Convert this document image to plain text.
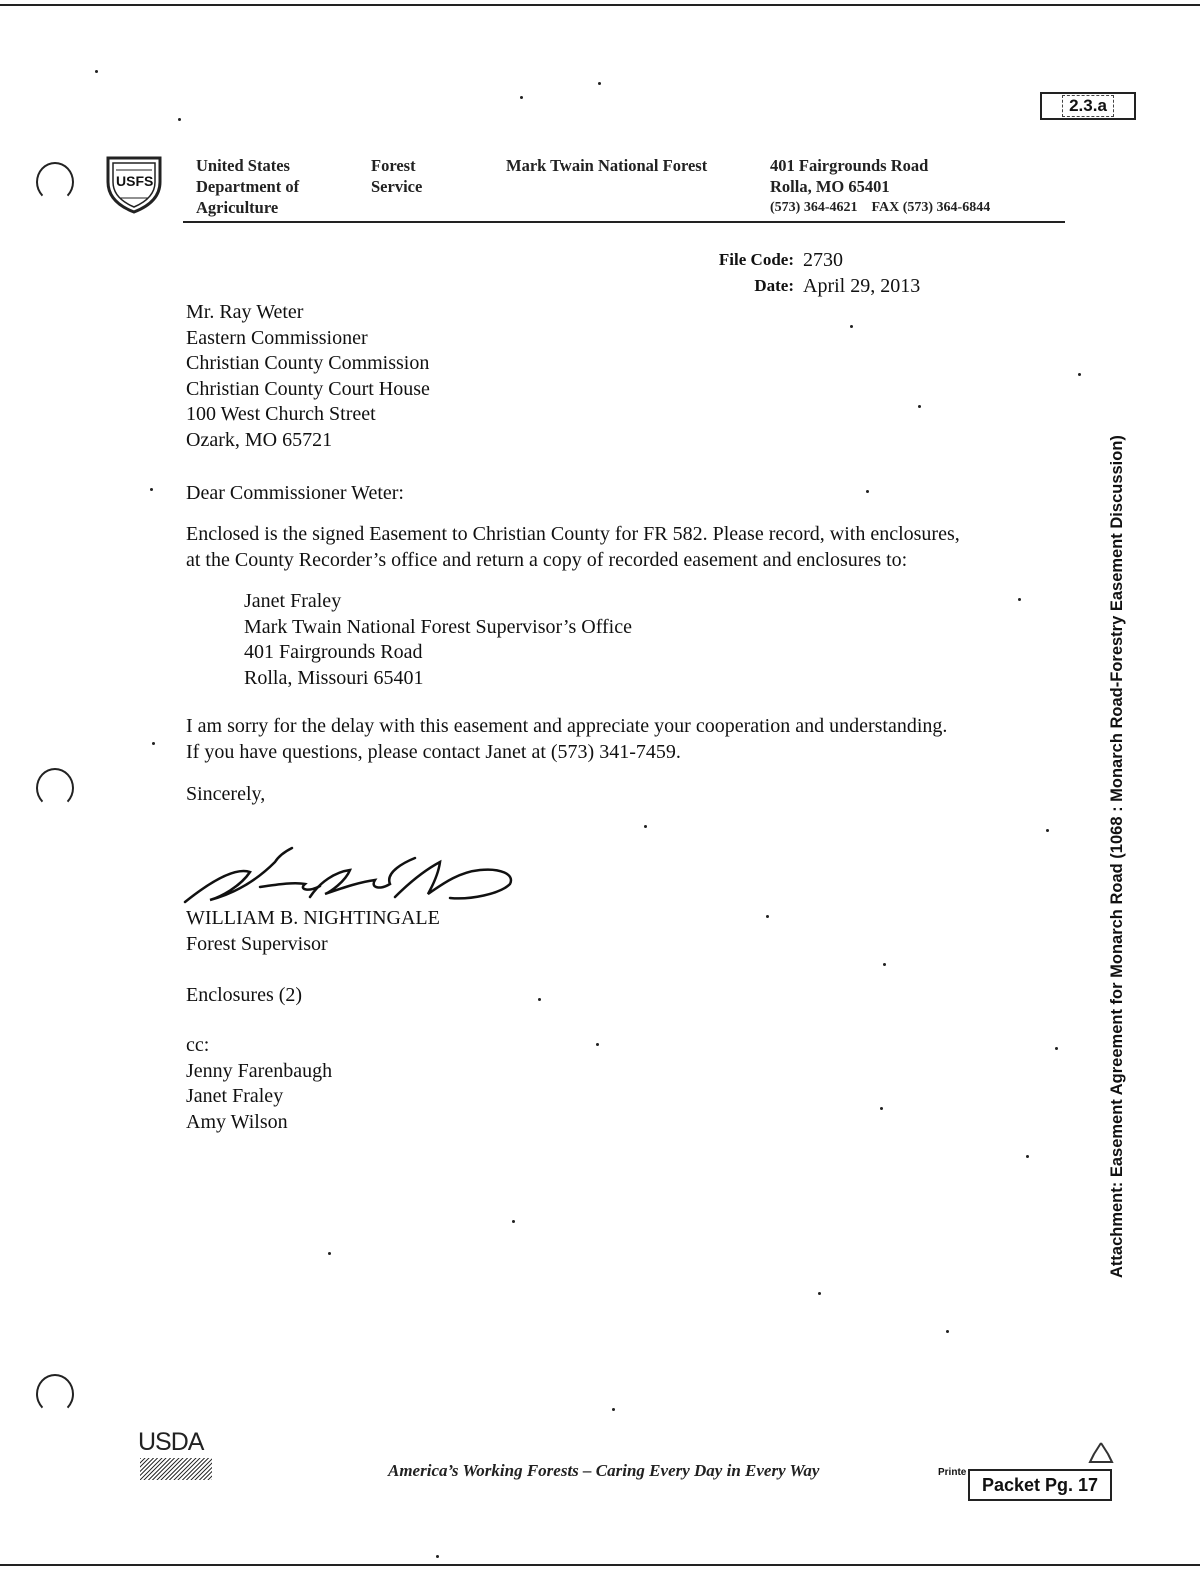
2.3.a
USFS
United States
Department of
Agriculture
Forest
Service
Mark Twain National Forest	401 Fairgrounds Road
Rolla, MO 65401
(573) 364-4621    FAX (573) 364-6844
File Code: 2730
Date: April 29, 2013
Mr. Ray Weter
Eastern Commissioner
Christian County Commission
Christian County Court House
100 West Church Street
Ozark, MO 65721
Dear Commissioner Weter:
Enclosed is the signed Easement to Christian County for FR 582. Please record, with enclosures,
at the County Recorder’s office and return a copy of recorded easement and enclosures to:
Janet Fraley
Mark Twain National Forest Supervisor’s Office
401 Fairgrounds Road
Rolla, Missouri 65401
I am sorry for the delay with this easement and appreciate your cooperation and understanding.
If you have questions, please contact Janet at (573) 341-7459.
Sincerely,
WILLIAM B. NIGHTINGALE
Forest Supervisor
Enclosures (2)
cc:
Jenny Farenbaugh
Janet Fraley
Amy Wilson	Attachment: Easement Agreement for Monarch Road (1068 : Monarch Road-Forestry Easement Discussion)
USDA
America’s Working Forests – Caring Every Day in Every Way	Printe
Packet Pg. 17
